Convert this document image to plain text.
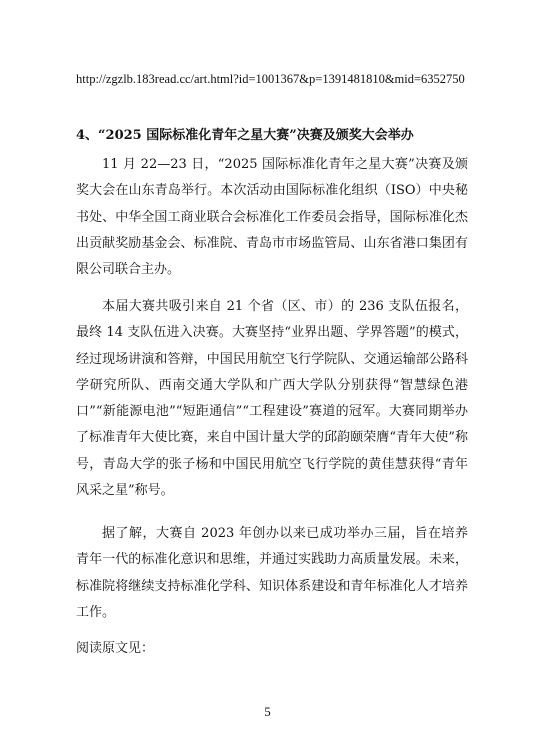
http://zgzlb.183read.cc/art.html?id=1001367&p=1391481810&mid=6352750

4、“2025 国际标准化青年之星大赛”决赛及颁奖大会举办

11 月 22—23 日，“2025 国际标准化青年之星大赛”决赛及颁奖大会在山东青岛举行。本次活动由国际标准化组织（ISO）中央秘书处、中华全国工商业联合会标准化工作委员会指导，国际标准化杰出贡献奖励基金会、标准院、青岛市市场监管局、山东省港口集团有限公司联合主办。

本届大赛共吸引来自 21 个省（区、市）的 236 支队伍报名，最终 14 支队伍进入决赛。大赛坚持“业界出题、学界答题”的模式，经过现场讲演和答辩，中国民用航空飞行学院队、交通运输部公路科学研究所队、西南交通大学队和广西大学队分别获得“智慧绿色港口”“新能源电池”“短距通信”“工程建设”赛道的冠军。大赛同期举办了标准青年大使比赛，来自中国计量大学的邱韵颐荣膺“青年大使”称号，青岛大学的张子杨和中国民用航空飞行学院的黄佳慧获得“青年风采之星”称号。

据了解，大赛自 2023 年创办以来已成功举办三届，旨在培养青年一代的标准化意识和思维，并通过实践助力高质量发展。未来，标准院将继续支持标准化学科、知识体系建设和青年标准化人才培养工作。

阅读原文见：

5
